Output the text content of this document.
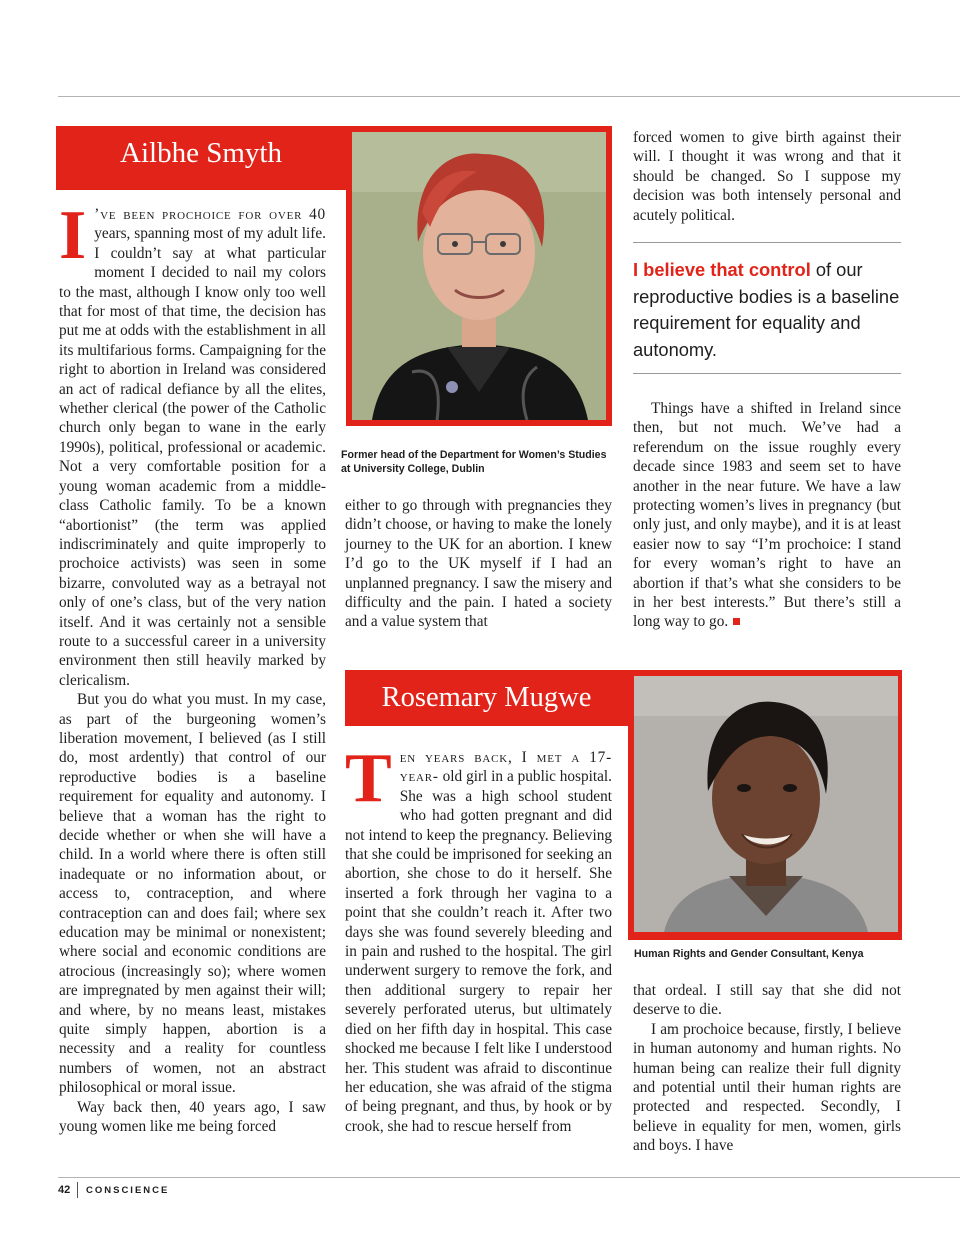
Ailbhe Smyth

I ’ve been prochoice for over 40 years, spanning most of my adult life. I couldn’t say at what particular moment I decided to nail my colors to the mast, although I know only too well that for most of that time, the decision has put me at odds with the establishment in all its multifarious forms. Campaigning for the right to abortion in Ireland was considered an act of radical defiance by all the elites, whether clerical (the power of the Catholic church only began to wane in the early 1990s), political, professional or academic. Not a very comfortable position for a young woman academic from a middle-class Catholic family. To be a known “abortionist” (the term was applied indiscriminately and quite improperly to prochoice activists) was seen in some bizarre, convoluted way as a betrayal not only of one’s class, but of the very nation itself. And it was certainly not a sensible route to a successful career in a university environment then still heavily marked by clericalism.

But you do what you must. In my case, as part of the burgeoning women’s liberation movement, I believed (as I still do, most ardently) that control of our reproductive bodies is a baseline requirement for equality and autonomy. I believe that a woman has the right to decide whether or when she will have a child. In a world where there is often still inadequate or no information about, or access to, contraception, and where contraception can and does fail; where sex education may be minimal or nonexistent; where social and economic conditions are atrocious (increasingly so); where women are impregnated by men against their will; and where, by no means least, mistakes quite simply happen, abortion is a necessity and a reality for countless numbers of women, not an abstract philosophical or moral issue.

Way back then, 40 years ago, I saw young women like me being forced

Former head of the Department for Women’s Studies at University College, Dublin

either to go through with pregnancies they didn’t choose, or having to make the lonely journey to the UK for an abortion. I knew I’d go to the UK myself if I had an unplanned pregnancy. I saw the misery and difficulty and the pain. I hated a society and a value system that

forced women to give birth against their will. I thought it was wrong and that it should be changed. So I suppose my decision was both intensely personal and acutely political.

I believe that control of our reproductive bodies is a baseline requirement for equality and autonomy.

Things have a shifted in Ireland since then, but not much. We’ve had a referendum on the issue roughly every decade since 1983 and seem set to have another in the near future. We have a law protecting women’s lives in pregnancy (but only just, and only maybe), and it is at least easier now to say “I’m prochoice: I stand for every woman’s right to have an abortion if that’s what she considers to be in her best interests.” But there’s still a long way to go.

Rosemary Mugwe
Human Rights and Gender Consultant, Kenya

Ten years back, I met a 17-year- old girl in a public hospital. She was a high school student who had gotten pregnant and did not intend to keep the pregnancy. Believing that she could be imprisoned for seeking an abortion, she chose to do it herself. She inserted a fork through her vagina to a point that she couldn’t reach it. After two days she was found severely bleeding and in pain and rushed to the hospital. The girl underwent surgery to remove the fork, and then additional surgery to repair her severely perforated uterus, but ultimately died on her fifth day in hospital. This case shocked me because I felt like I understood her. This student was afraid to discontinue her education, she was afraid of the stigma of being pregnant, and thus, by hook or by crook, she had to rescue herself from

that ordeal. I still say that she did not deserve to die.

I am prochoice because, firstly, I believe in human autonomy and human rights. No human being can realize their full dignity and potential until their human rights are protected and respected. Secondly, I believe in equality for men, women, girls and boys. I have

42 CONSCIENCE
